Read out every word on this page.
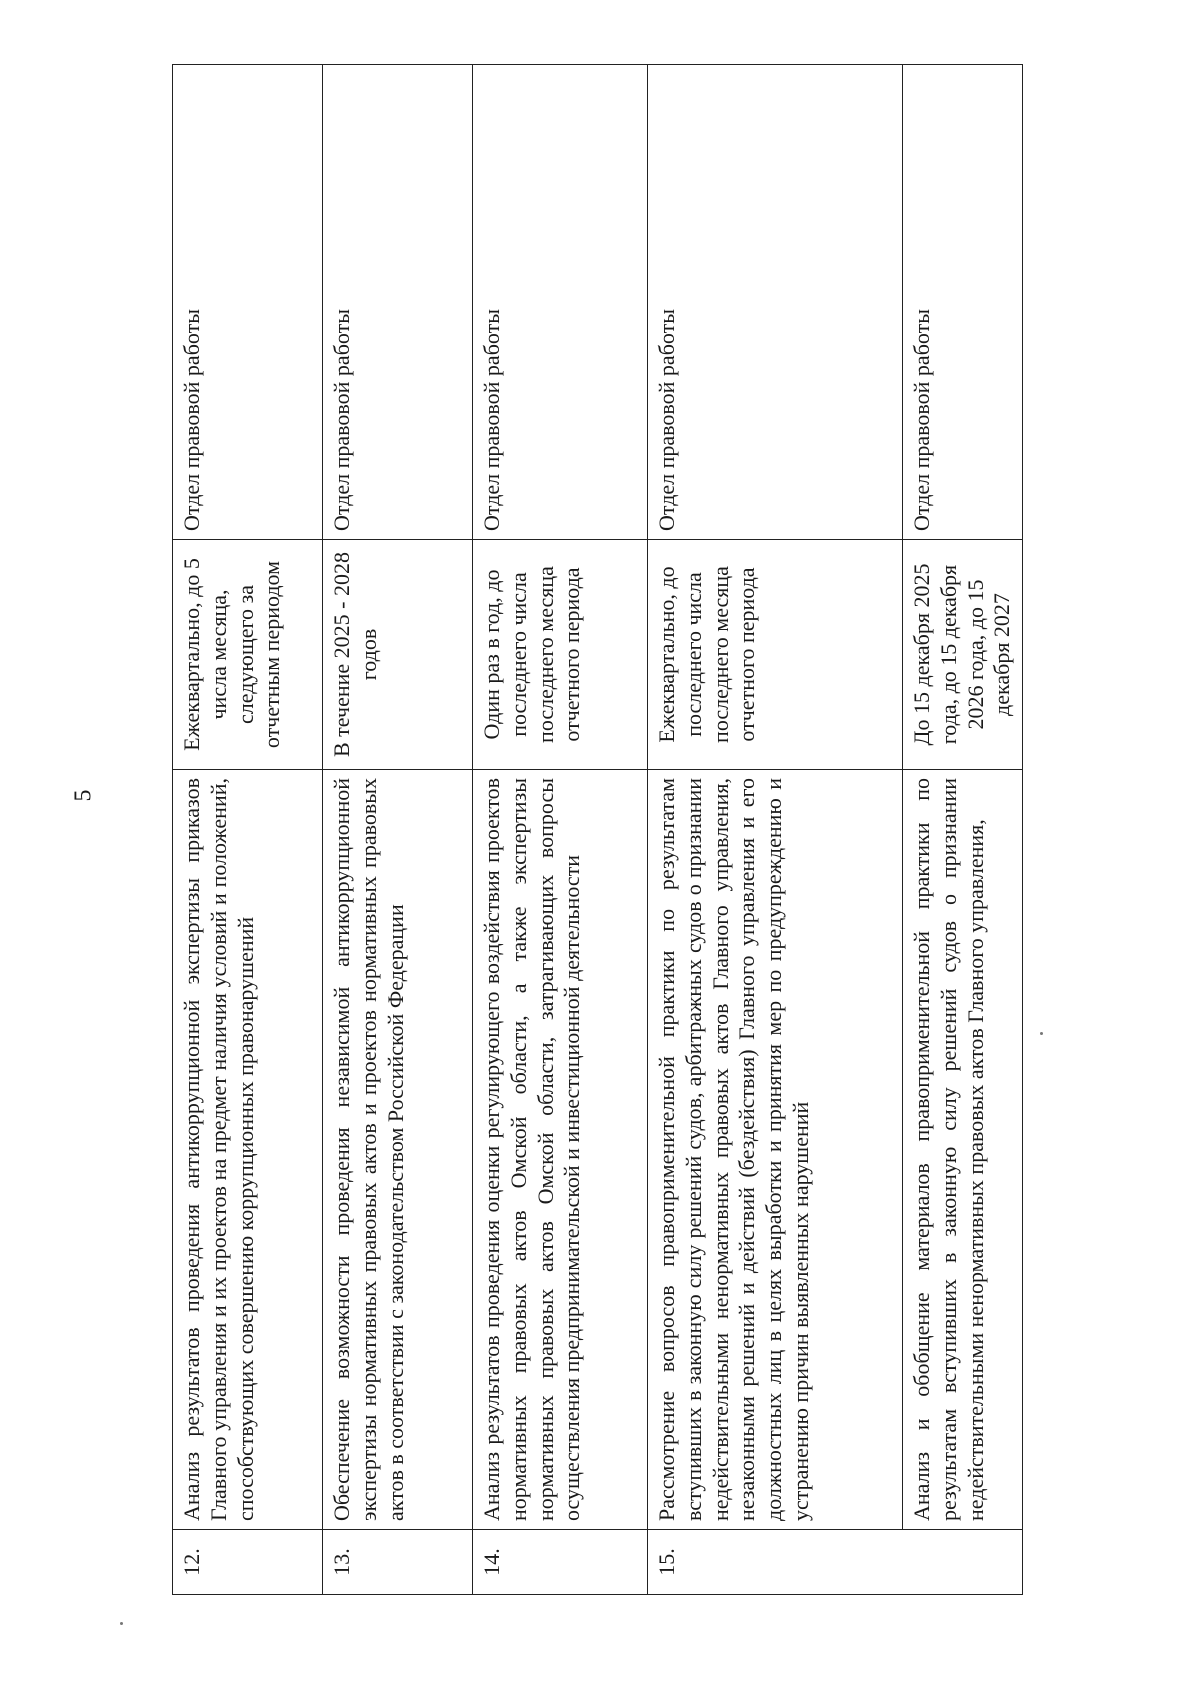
5
12.	Анализ результатов проведения антикоррупционной экспертизы приказов Главного управления и их проектов на предмет наличия условий и положений, способствующих совершению коррупционных правонарушений	Ежеквартально, до 5 числа месяца, следующего за отчетным периодом	Отдел правовой работы
13.	Обеспечение возможности проведения независимой антикоррупционной экспертизы нормативных правовых актов и проектов нормативных правовых актов в соответствии с законодательством Российской Федерации	В течение 2025 - 2028 годов	Отдел правовой работы
14.	Анализ результатов проведения оценки регулирующего воздействия проектов нормативных правовых актов Омской области, а также экспертизы нормативных правовых актов Омской области, затрагивающих вопросы осуществления предпринимательской и инвестиционной деятельности	Один раз в год, до последнего числа последнего месяца отчетного периода	Отдел правовой работы
15.	Рассмотрение вопросов правоприменительной практики по результатам вступивших в законную силу решений судов, арбитражных судов о признании недействительными ненормативных правовых актов Главного управления, незаконными решений и действий (бездействия) Главного управления и его должностных лиц в целях выработки и принятия мер по предупреждению и устранению причин выявленных нарушений	Ежеквартально, до последнего числа последнего месяца отчетного периода	Отдел правовой работы
	Анализ и обобщение материалов правоприменительной практики по результатам вступивших в законную силу решений судов о признании недействительными ненормативных правовых актов Главного управления,	До 15 декабря 2025 года, до 15 декабря 2026 года, до 15 декабря 2027	Отдел правовой работы
